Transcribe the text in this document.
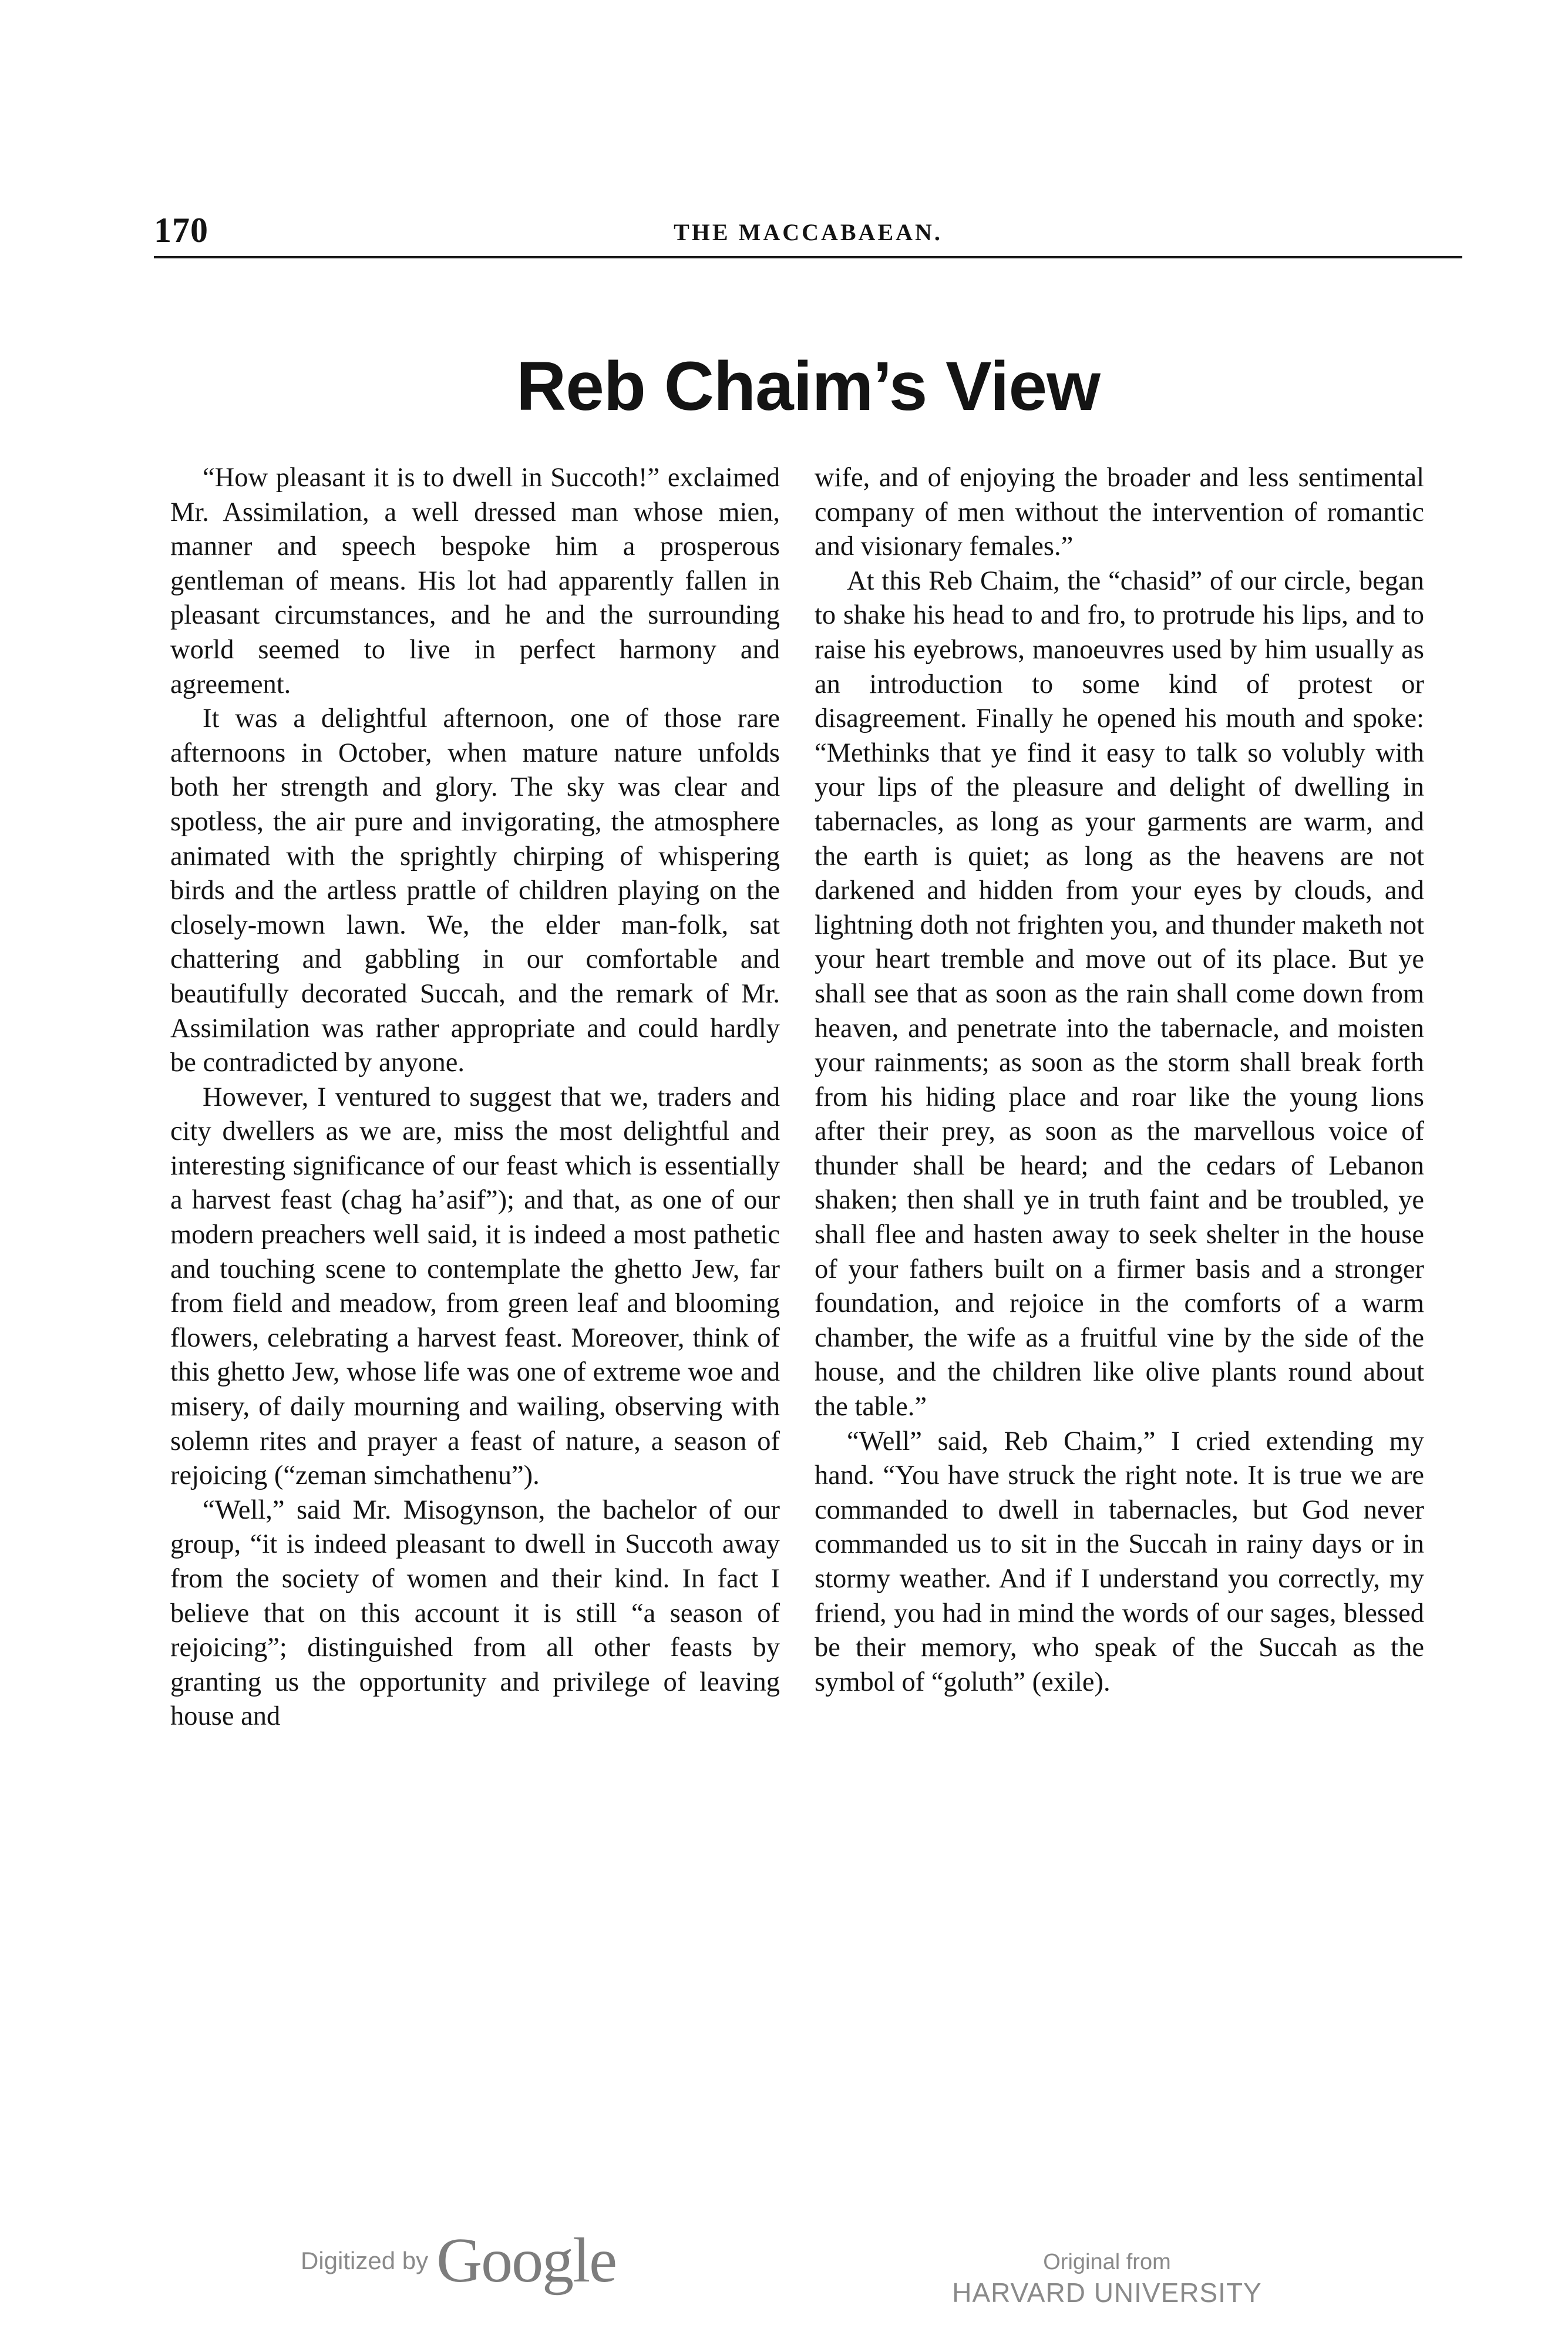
170	THE MACCABAEAN.
Reb Chaim’s View

“How pleasant it is to dwell in Succoth!” exclaimed Mr. Assimilation, a well dressed man whose mien, manner and speech bespoke him a prosperous gentleman of means. His lot had apparently fallen in pleasant circumstances, and he and the surrounding world seemed to live in perfect harmony and agreement.

It was a delightful afternoon, one of those rare afternoons in October, when mature nature unfolds both her strength and glory. The sky was clear and spotless, the air pure and invigorating, the atmosphere animated with the sprightly chirping of whispering birds and the artless prattle of children playing on the closely-mown lawn. We, the elder man-folk, sat chattering and gabbling in our comfortable and beautifully decorated Succah, and the remark of Mr. Assimilation was rather appropriate and could hardly be contradicted by anyone.

However, I ventured to suggest that we, traders and city dwellers as we are, miss the most delightful and interesting significance of our feast which is essentially a harvest feast (chag ha’asif”); and that, as one of our modern preachers well said, it is indeed a most pathetic and touching scene to contemplate the ghetto Jew, far from field and meadow, from green leaf and blooming flowers, celebrating a harvest feast. Moreover, think of this ghetto Jew, whose life was one of extreme woe and misery, of daily mourning and wailing, observing with solemn rites and prayer a feast of nature, a season of rejoicing (“zeman simchathenu”).

“Well,” said Mr. Misogynson, the bachelor of our group, “it is indeed pleasant to dwell in Succoth away from the society of women and their kind. In fact I believe that on this account it is still “a season of rejoicing”; distinguished from all other feasts by granting us the opportunity and privilege of leaving house and

wife, and of enjoying the broader and less sentimental company of men without the intervention of romantic and visionary females.”

At this Reb Chaim, the “chasid” of our circle, began to shake his head to and fro, to protrude his lips, and to raise his eyebrows, manoeuvres used by him usually as an introduction to some kind of protest or disagreement. Finally he opened his mouth and spoke: “Methinks that ye find it easy to talk so volubly with your lips of the pleasure and delight of dwelling in tabernacles, as long as your garments are warm, and the earth is quiet; as long as the heavens are not darkened and hidden from your eyes by clouds, and lightning doth not frighten you, and thunder maketh not your heart tremble and move out of its place. But ye shall see that as soon as the rain shall come down from heaven, and penetrate into the tabernacle, and moisten your rainments; as soon as the storm shall break forth from his hiding place and roar like the young lions after their prey, as soon as the marvellous voice of thunder shall be heard; and the cedars of Lebanon shaken; then shall ye in truth faint and be troubled, ye shall flee and hasten away to seek shelter in the house of your fathers built on a firmer basis and a stronger foundation, and rejoice in the comforts of a warm chamber, the wife as a fruitful vine by the side of the house, and the children like olive plants round about the table.”

“Well” said, Reb Chaim,” I cried extending my hand. “You have struck the right note. It is true we are commanded to dwell in tabernacles, but God never commanded us to sit in the Succah in rainy days or in stormy weather. And if I understand you correctly, my friend, you had in mind the words of our sages, blessed be their memory, who speak of the Succah as the symbol of “goluth” (exile).

Digitized by Google	Original from
HARVARD UNIVERSITY
